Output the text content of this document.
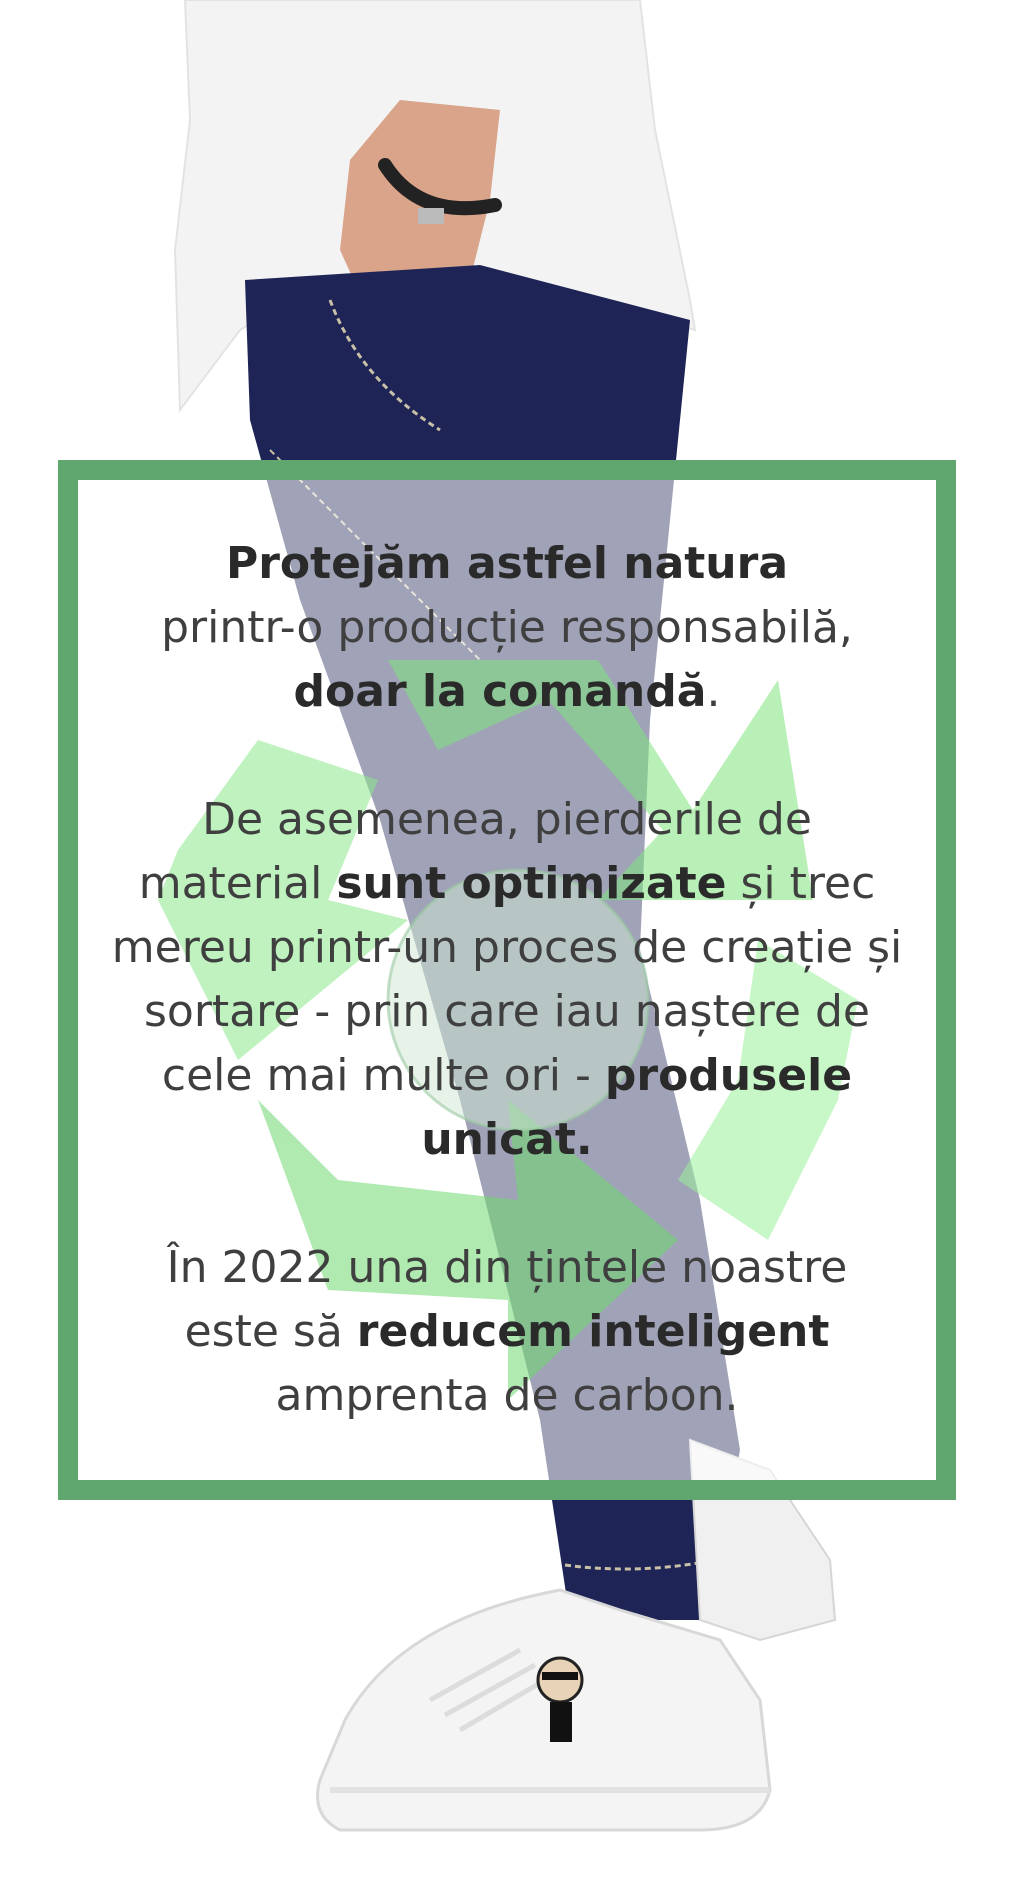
Protejăm astfel natura
printr-o producție responsabilă,
doar la comandă.

De asemenea, pierderile de
material sunt optimizate și trec
mereu printr-un proces de creație și
sortare - prin care iau naștere de
cele mai multe ori - produsele
unicat.

În 2022 una din țintele noastre
este să reducem inteligent
amprenta de carbon.
